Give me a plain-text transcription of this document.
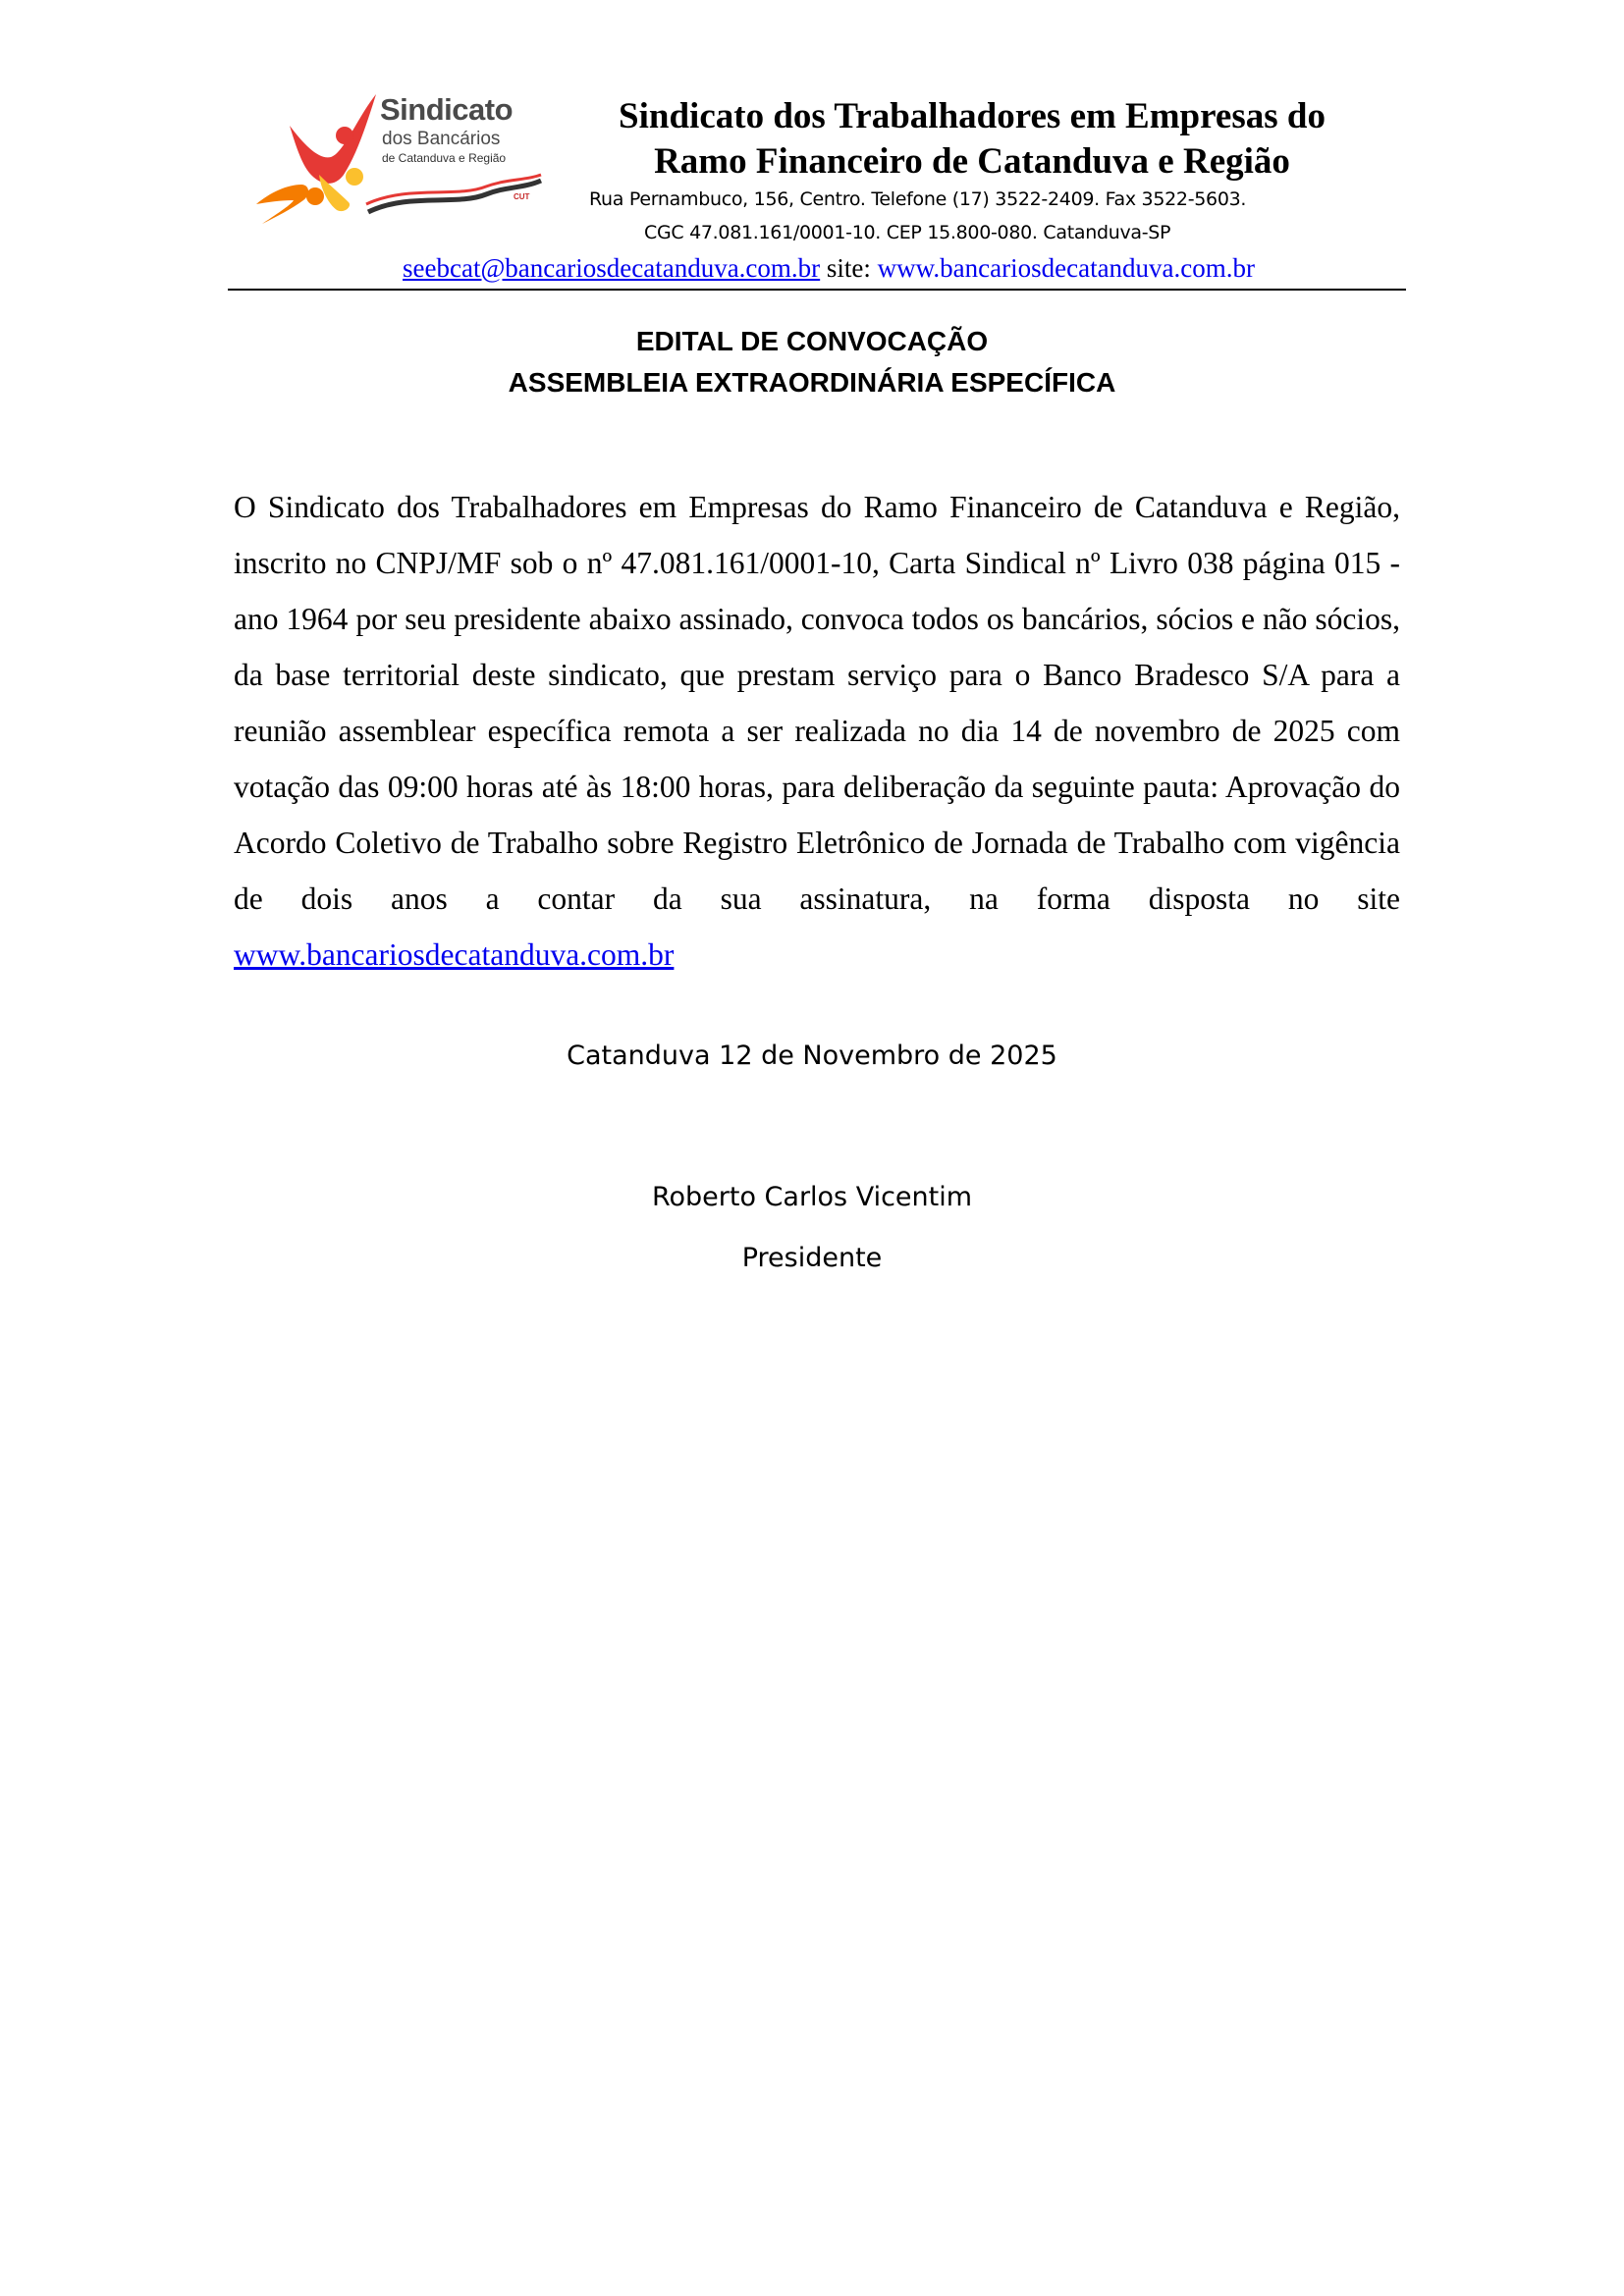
Sindicato
dos Bancários
de Catanduva e Região
CUT
Sindicato dos Trabalhadores em Empresas do
Ramo Financeiro de Catanduva e Região
Rua Pernambuco, 156, Centro. Telefone (17) 3522-2409. Fax 3522-5603.
CGC 47.081.161/0001-10. CEP 15.800-080. Catanduva-SP
seebcat@bancariosdecatanduva.com.br site: www.bancariosdecatanduva.com.br
EDITAL DE CONVOCAÇÃO
ASSEMBLEIA EXTRAORDINÁRIA ESPECÍFICA
O Sindicato dos Trabalhadores em Empresas do Ramo Financeiro de Catanduva e Região, inscrito no CNPJ/MF sob o nº 47.081.161/0001-10, Carta Sindical nº Livro 038 página 015 - ano 1964 por seu presidente abaixo assinado, convoca todos os bancários, sócios e não sócios, da base territorial deste sindicato, que prestam serviço para o Banco Bradesco S/A para a reunião assemblear específica remota a ser realizada no dia 14 de novembro de 2025 com votação das 09:00 horas até às 18:00 horas, para deliberação da seguinte pauta: Aprovação do Acordo Coletivo de Trabalho sobre Registro Eletrônico de Jornada de Trabalho com vigência de dois anos a contar da sua assinatura, na forma disposta no site www.bancariosdecatanduva.com.br
Catanduva 12 de Novembro de 2025
Roberto Carlos Vicentim
Presidente
